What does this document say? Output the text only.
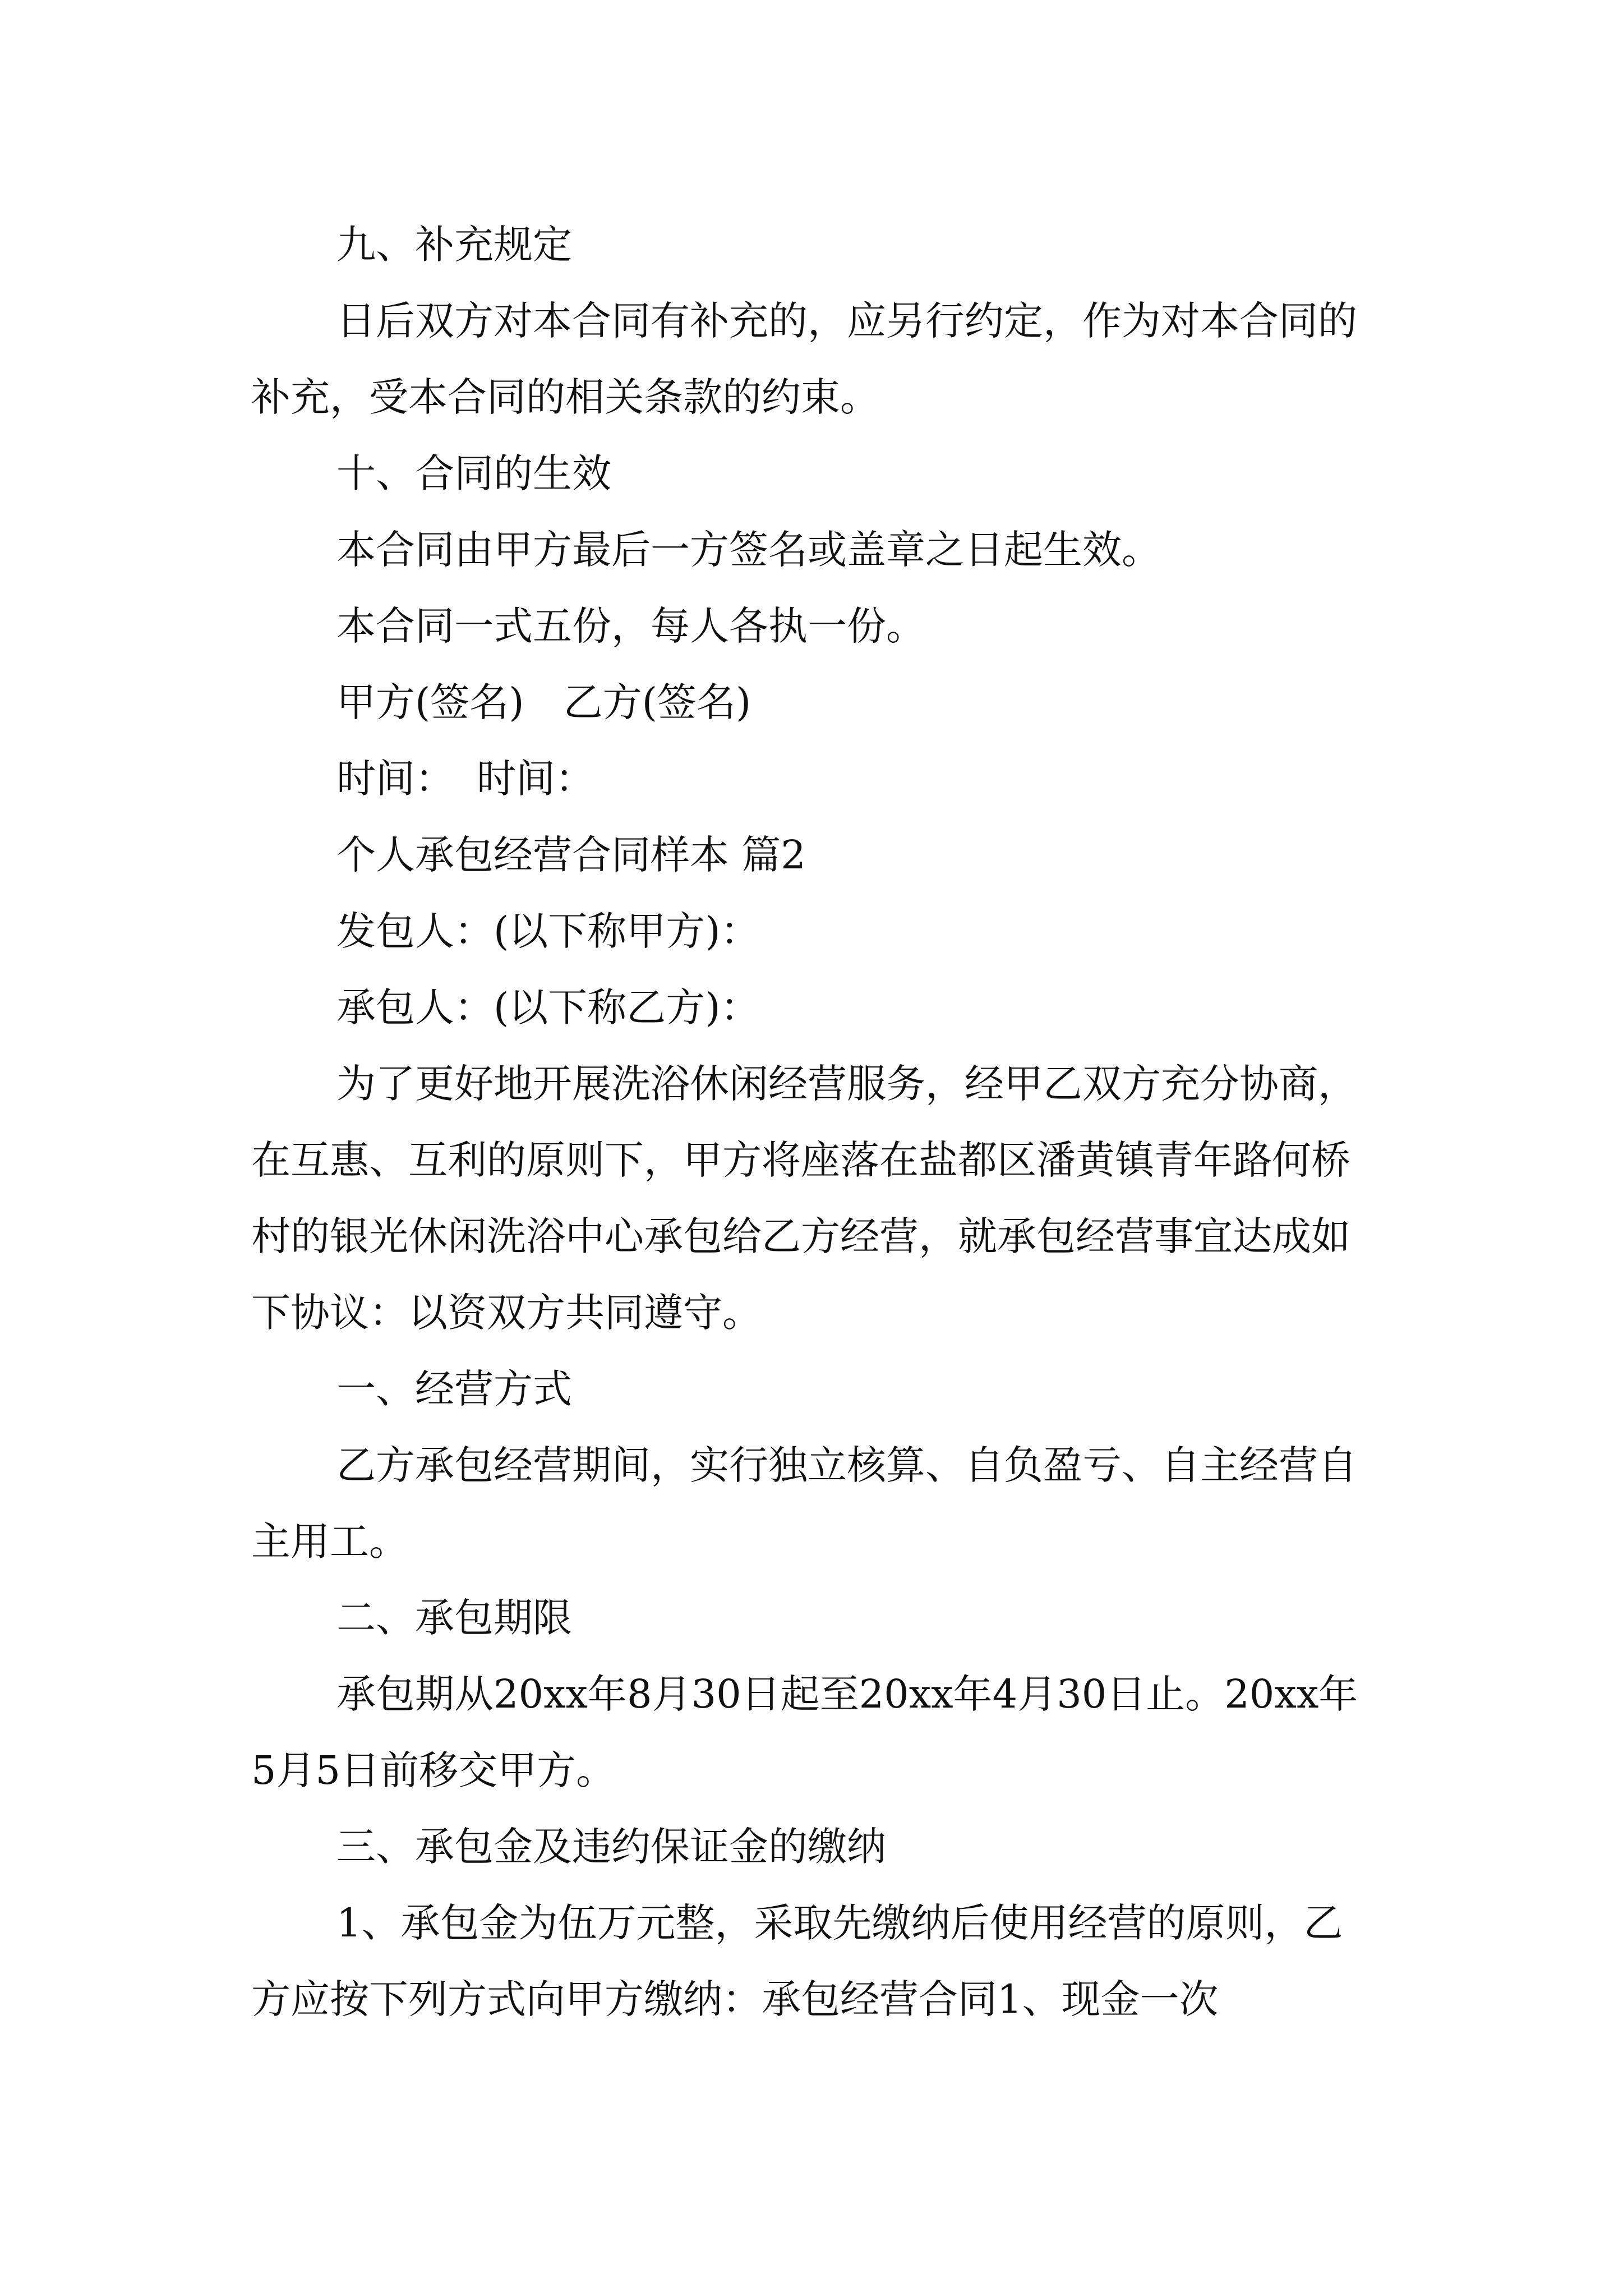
九、补充规定

日后双方对本合同有补充的，应另行约定，作为对本合同的补充，受本合同的相关条款的约束。

十、合同的生效

本合同由甲方最后一方签名或盖章之日起生效。

本合同一式五份，每人各执一份。

甲方(签名) 乙方(签名)

时间： 时间：

个人承包经营合同样本 篇2

发包人：(以下称甲方)：

承包人：(以下称乙方)：

为了更好地开展洗浴休闲经营服务，经甲乙双方充分协商，在互惠、互利的原则下，甲方将座落在盐都区潘黄镇青年路何桥村的银光休闲洗浴中心承包给乙方经营，就承包经营事宜达成如下协议：以资双方共同遵守。

一、经营方式

乙方承包经营期间，实行独立核算、自负盈亏、自主经营自主用工。

二、承包期限

承包期从20xx年8月30日起至20xx年4月30日止。20xx年5月5日前移交甲方。

三、承包金及违约保证金的缴纳

1、承包金为伍万元整，采取先缴纳后使用经营的原则，乙方应按下列方式向甲方缴纳：承包经营合同1、现金一次
